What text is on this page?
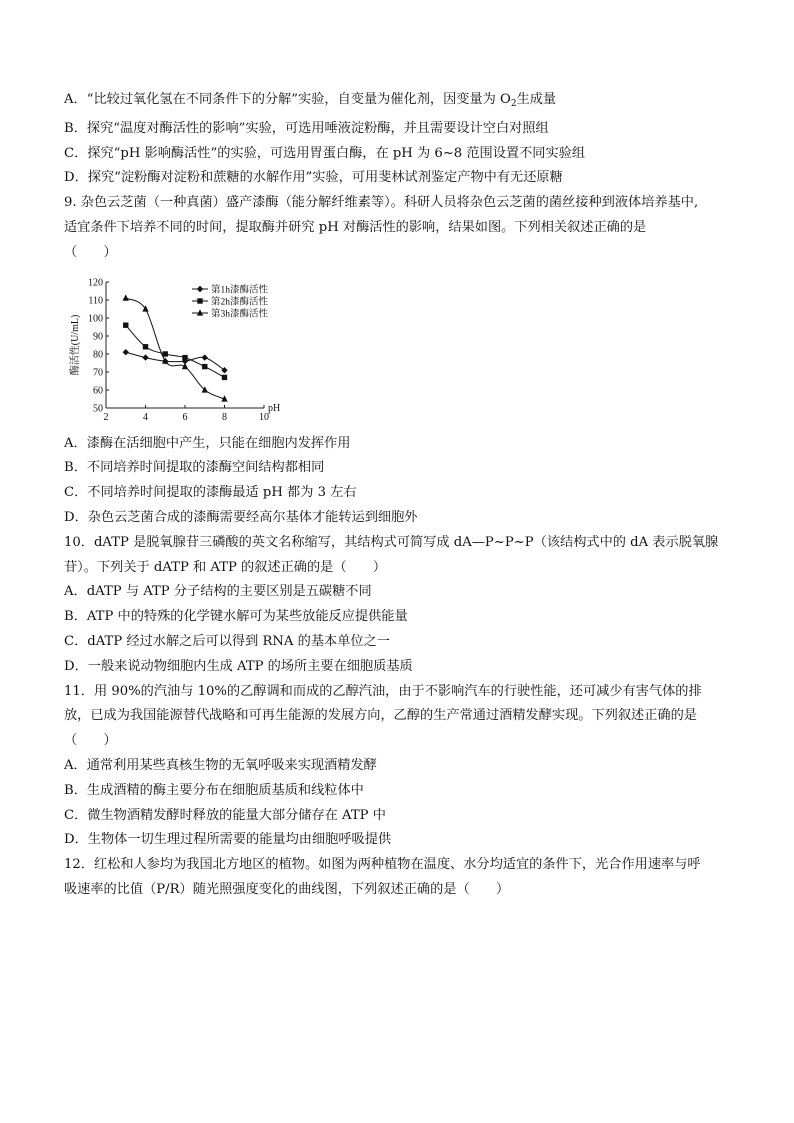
A．“比较过氧化氢在不同条件下的分解”实验，自变量为催化剂，因变量为 $O_2$生成量
B．探究“温度对酶活性的影响”实验，可选用唾液淀粉酶，并且需要设计空白对照组
C．探究“pH 影响酶活性”的实验，可选用胃蛋白酶，在 pH 为 6~8 范围设置不同实验组
D．探究“淀粉酶对淀粉和蔗糖的水解作用”实验，可用斐林试剂鉴定产物中有无还原糖
9. 杂色云芝菌（一种真菌）盛产漆酶（能分解纤维素等）。科研人员将杂色云芝菌的菌丝接种到液体培养基中,
适宜条件下培养不同的时间，提取酶并研究 pH 对酶活性的影响，结果如图。下列相关叙述正确的是
（　　）
50
60
70
80
90
100
110
120
2	4	6	8	10
pH
酶活性(U/mL)
第1h漆酶活性
第2h漆酶活性
第3h漆酶活性
A．漆酶在活细胞中产生，只能在细胞内发挥作用
B．不同培养时间提取的漆酶空间结构都相同
C．不同培养时间提取的漆酶最适 pH 都为 3 左右
D．杂色云芝菌合成的漆酶需要经高尔基体才能转运到细胞外
10．dATP 是脱氧腺苷三磷酸的英文名称缩写，其结构式可简写成 dA—P~P~P（该结构式中的 dA 表示脱氧腺
苷）。下列关于 dATP 和 ATP 的叙述正确的是（　　）
A．dATP 与 ATP 分子结构的主要区别是五碳糖不同
B．ATP 中的特殊的化学键水解可为某些放能反应提供能量
C．dATP 经过水解之后可以得到 RNA 的基本单位之一
D．一般来说动物细胞内生成 ATP 的场所主要在细胞质基质
11．用 90%的汽油与 10%的乙醇调和而成的乙醇汽油，由于不影响汽车的行驶性能，还可减少有害气体的排
放，已成为我国能源替代战略和可再生能源的发展方向，乙醇的生产常通过酒精发酵实现。下列叙述正确的是
（　　）
A．通常利用某些真核生物的无氧呼吸来实现酒精发酵
B．生成酒精的酶主要分布在细胞质基质和线粒体中
C．微生物酒精发酵时释放的能量大部分储存在 ATP 中
D．生物体一切生理过程所需要的能量均由细胞呼吸提供
12．红松和人参均为我国北方地区的植物。如图为两种植物在温度、水分均适宜的条件下，光合作用速率与呼
吸速率的比值（P/R）随光照强度变化的曲线图，下列叙述正确的是（　　）
